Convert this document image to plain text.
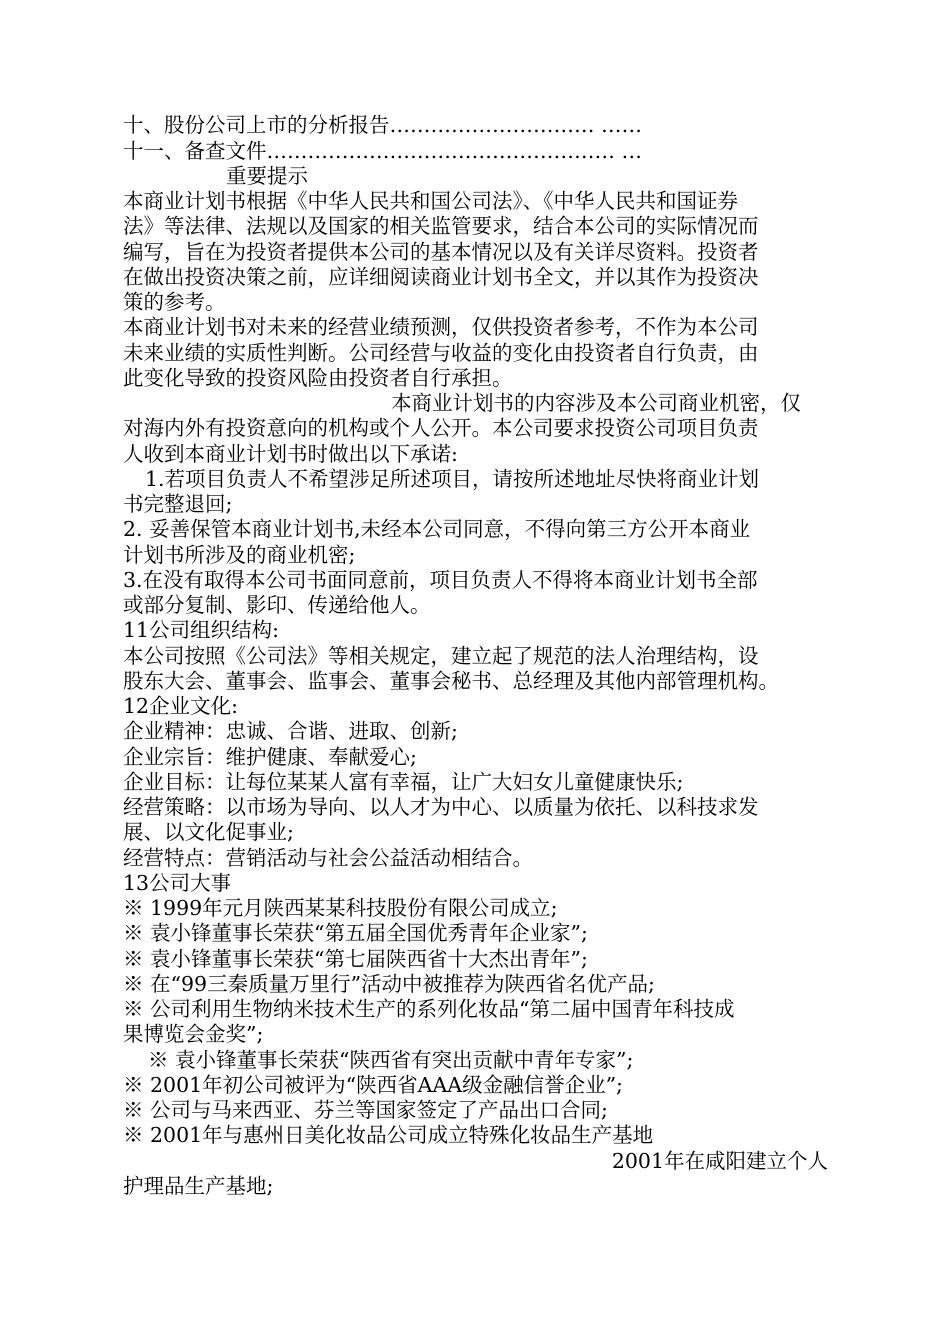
十、股份公司上市的分析报告………………………… ……
十一、备查文件…………………………………………… …
重要提示
本商业计划书根据《中华人民共和国公司法》、《中华人民共和国证券
法》等法律、法规以及国家的相关监管要求，结合本公司的实际情况而
编写，旨在为投资者提供本公司的基本情况以及有关详尽资料。投资者
在做出投资决策之前，应详细阅读商业计划书全文，并以其作为投资决
策的参考。
本商业计划书对未来的经营业绩预测，仅供投资者参考，不作为本公司
未来业绩的实质性判断。公司经营与收益的变化由投资者自行负责，由
此变化导致的投资风险由投资者自行承担。
本商业计划书的内容涉及本公司商业机密，仅
对海内外有投资意向的机构或个人公开。本公司要求投资公司项目负责
人收到本商业计划书时做出以下承诺:
1.若项目负责人不希望涉足所述项目，请按所述地址尽快将商业计划
书完整退回;
2. 妥善保管本商业计划书,未经本公司同意，不得向第三方公开本商业
计划书所涉及的商业机密;
3.在没有取得本公司书面同意前，项目负责人不得将本商业计划书全部
或部分复制、影印、传递给他人。
11公司组织结构:
本公司按照《公司法》等相关规定，建立起了规范的法人治理结构，设
股东大会、董事会、监事会、董事会秘书、总经理及其他内部管理机构。
12企业文化:
企业精神：忠诚、合谐、进取、创新;
企业宗旨：维护健康、奉献爱心;
企业目标：让每位某某人富有幸福，让广大妇女儿童健康快乐;
经营策略：以市场为导向、以人才为中心、以质量为依托、以科技求发
展、以文化促事业;
经营特点：营销活动与社会公益活动相结合。
13公司大事
※ 1999年元月陕西某某科技股份有限公司成立;
※ 袁小锋董事长荣获“第五届全国优秀青年企业家”;
※ 袁小锋董事长荣获“第七届陕西省十大杰出青年”;
※ 在“99三秦质量万里行”活动中被推荐为陕西省名优产品;
※ 公司利用生物纳米技术生产的系列化妆品“第二届中国青年科技成
果博览会金奖”;
※ 袁小锋董事长荣获“陕西省有突出贡献中青年专家”;
※ 2001年初公司被评为“陕西省AAA级金融信誉企业”;
※ 公司与马来西亚、芬兰等国家签定了产品出口合同;
※ 2001年与惠州日美化妆品公司成立特殊化妆品生产基地
2001年在咸阳建立个人
护理品生产基地;
